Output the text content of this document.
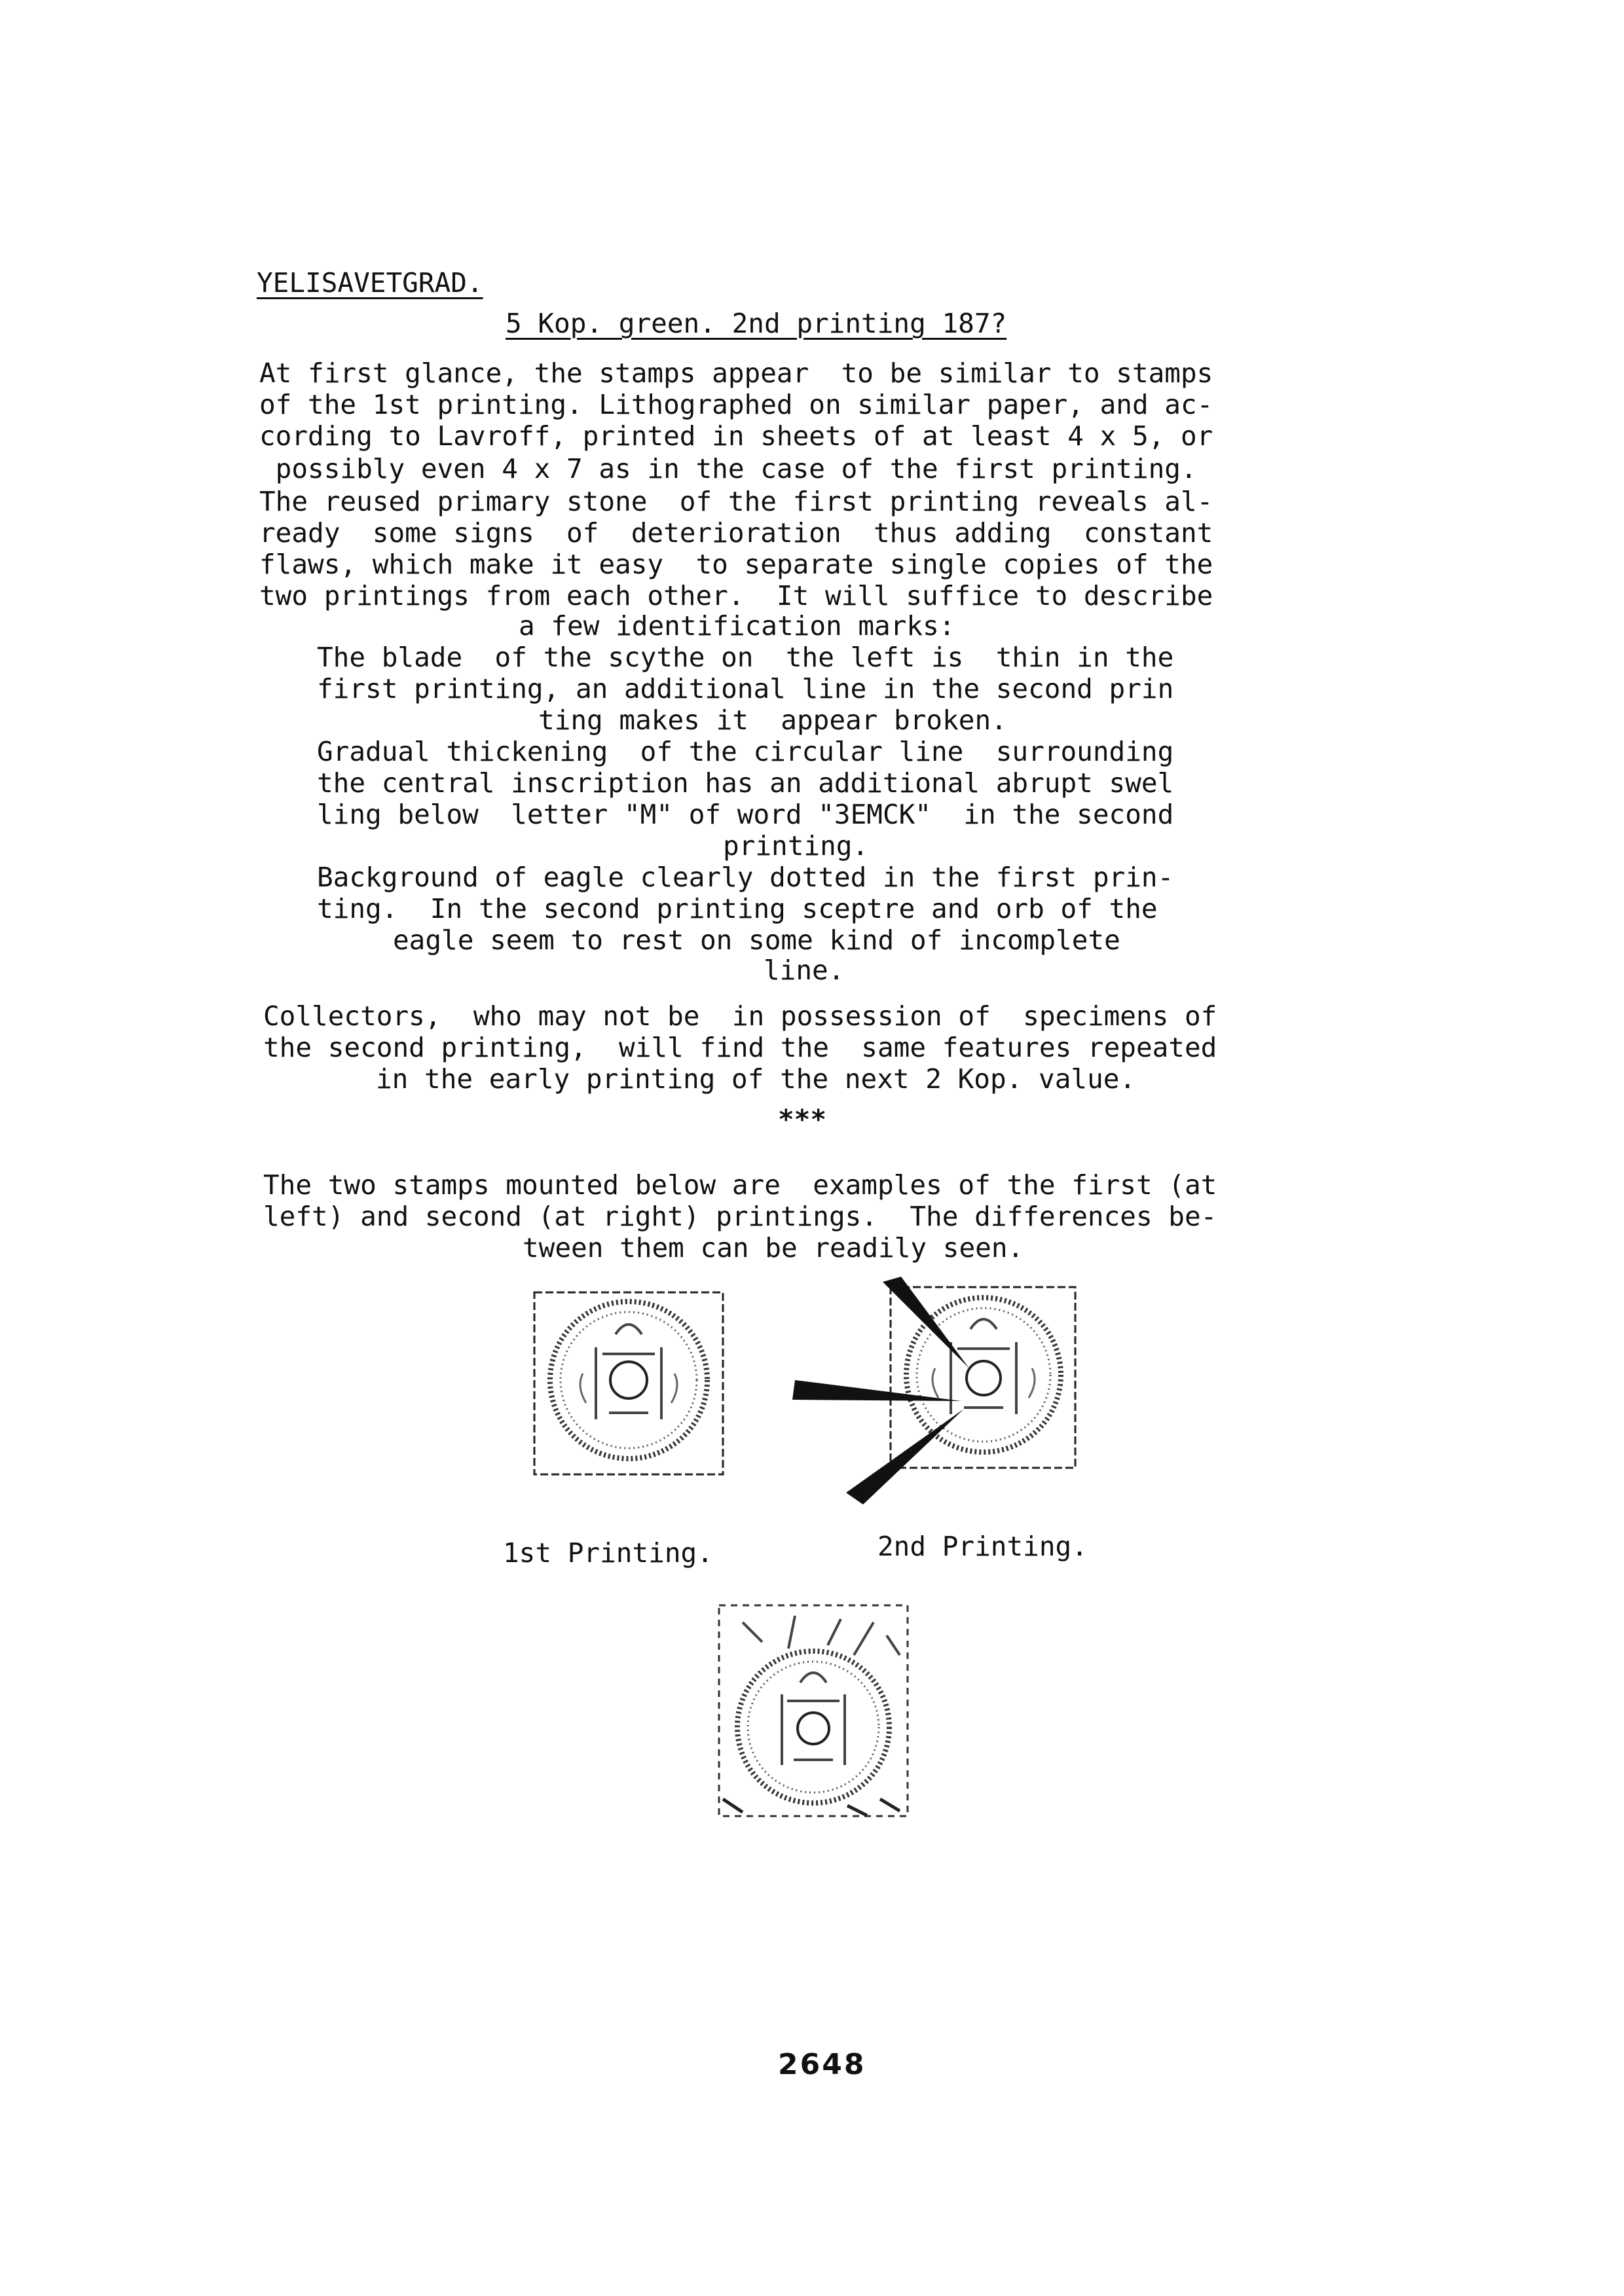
YELISAVETGRAD.
5 Kop. green. 2nd printing 187?
At first glance, the stamps appear  to be similar to stamps
of the 1st printing. Lithographed on similar paper, and ac-
cording to Lavroff, printed in sheets of at least 4 x 5, or
possibly even 4 x 7 as in the case of the first printing.
The reused primary stone  of the first printing reveals al-
ready  some signs  of  deterioration  thus adding  constant
flaws, which make it easy  to separate single copies of the
two printings from each other.  It will suffice to describe
a few identification marks:
The blade  of the scythe on  the left is  thin in the
first printing, an additional line in the second prin
ting makes it  appear broken.
Gradual thickening  of the circular line  surrounding
the central inscription has an additional abrupt swel
ling below  letter "M" of word "3EMCK"  in the second
printing.
Background of eagle clearly dotted in the first prin-
ting.  In the second printing sceptre and orb of the
eagle seem to rest on some kind of incomplete
line.
Collectors,  who may not be  in possession of  specimens of
the second printing,  will find the  same features repeated
in the early printing of the next 2 Kop. value.
***
The two stamps mounted below are  examples of the first (at
left) and second (at right) printings.  The differences be-
tween them can be readily seen.
1st Printing.	2nd Printing.
2648
